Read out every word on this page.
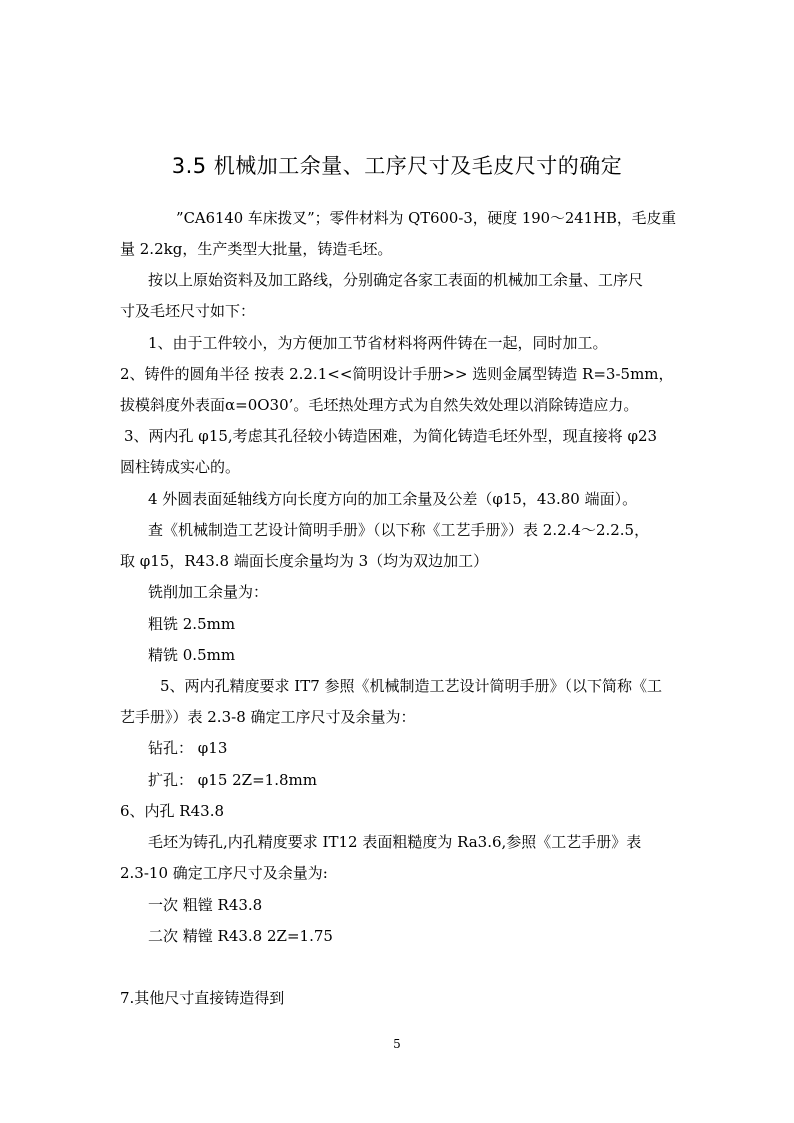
3.5 机械加工余量、工序尺寸及毛皮尺寸的确定
”CA6140 车床拨叉”；零件材料为 QT600-3，硬度 190～241HB，毛皮重
量 2.2kg，生产类型大批量，铸造毛坯。
按以上原始资料及加工路线，分别确定各家工表面的机械加工余量、工序尺
寸及毛坯尺寸如下：
1、由于工件较小，为方便加工节省材料将两件铸在一起，同时加工。
2、铸件的圆角半径 按表 2.2.1<<简明设计手册>> 选则金属型铸造 R=3-5mm，
拔模斜度外表面α=0O30’。毛坯热处理方式为自然失效处理以消除铸造应力。
3、两内孔 φ15,考虑其孔径较小铸造困难，为简化铸造毛坯外型，现直接将 φ23
圆柱铸成实心的。
4 外圆表面延轴线方向长度方向的加工余量及公差（φ15，43.80 端面）。
查《机械制造工艺设计简明手册》（以下称《工艺手册》）表 2.2.4～2.2.5，
取 φ15，R43.8 端面长度余量均为 3（均为双边加工）
铣削加工余量为：
粗铣 2.5mm
精铣 0.5mm
5、两内孔精度要求 IT7 参照《机械制造工艺设计简明手册》（以下简称《工
艺手册》）表 2.3-8 确定工序尺寸及余量为：
钻孔： φ13
扩孔： φ15 2Z=1.8mm
6、内孔 R43.8
毛坯为铸孔,内孔精度要求 IT12 表面粗糙度为 Ra3.6,参照《工艺手册》表
2.3-10 确定工序尺寸及余量为:
一次 粗镗 R43.8
二次 精镗 R43.8 2Z=1.75
7.其他尺寸直接铸造得到
5
